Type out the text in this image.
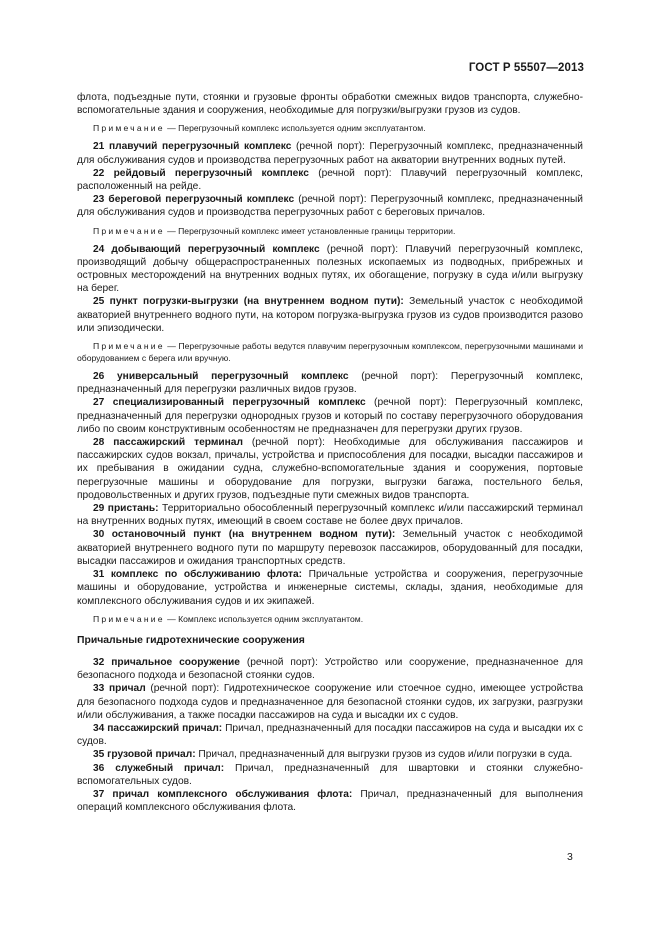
ГОСТ Р 55507—2013

флота, подъездные пути, стоянки и грузовые фронты обработки смежных видов транспорта, служебно-вспомогательные здания и сооружения, необходимые для погрузки/выгрузки грузов из судов.

Примечание — Перегрузочный комплекс используется одним эксплуатантом.

21 плавучий перегрузочный комплекс (речной порт): Перегрузочный комплекс, предназначенный для обслуживания судов и производства перегрузочных работ на акватории внутренних водных путей.

22 рейдовый перегрузочный комплекс (речной порт): Плавучий перегрузочный комплекс, расположенный на рейде.

23 береговой перегрузочный комплекс (речной порт): Перегрузочный комплекс, предназначенный для обслуживания судов и производства перегрузочных работ с береговых причалов.

Примечание — Перегрузочный комплекс имеет установленные границы территории.

24 добывающий перегрузочный комплекс (речной порт): Плавучий перегрузочный комплекс, производящий добычу общераспространенных полезных ископаемых из подводных, прибрежных и островных месторождений на внутренних водных путях, их обогащение, погрузку в суда и/или выгрузку на берег.

25 пункт погрузки-выгрузки (на внутреннем водном пути): Земельный участок с необходимой акваторией внутреннего водного пути, на котором погрузка-выгрузка грузов из судов производится разово или эпизодически.

Примечание — Перегрузочные работы ведутся плавучим перегрузочным комплексом, перегрузочными машинами и оборудованием с берега или вручную.

26 универсальный перегрузочный комплекс (речной порт): Перегрузочный комплекс, предназначенный для перегрузки различных видов грузов.

27 специализированный перегрузочный комплекс (речной порт): Перегрузочный комплекс, предназначенный для перегрузки однородных грузов и который по составу перегрузочного оборудования либо по своим конструктивным особенностям не предназначен для перегрузки других грузов.

28 пассажирский терминал (речной порт): Необходимые для обслуживания пассажиров и пассажирских судов вокзал, причалы, устройства и приспособления для посадки, высадки пассажиров и их пребывания в ожидании судна, служебно-вспомогательные здания и сооружения, портовые перегрузочные машины и оборудование для погрузки, выгрузки багажа, постельного белья, продовольственных и других грузов, подъездные пути смежных видов транспорта.

29 пристань: Территориально обособленный перегрузочный комплекс и/или пассажирский терминал на внутренних водных путях, имеющий в своем составе не более двух причалов.

30 остановочный пункт (на внутреннем водном пути): Земельный участок с необходимой акваторией внутреннего водного пути по маршруту перевозок пассажиров, оборудованный для посадки, высадки пассажиров и ожидания транспортных средств.

31 комплекс по обслуживанию флота: Причальные устройства и сооружения, перегрузочные машины и оборудование, устройства и инженерные системы, склады, здания, необходимые для комплексного обслуживания судов и их экипажей.

Примечание — Комплекс используется одним эксплуатантом.

Причальные гидротехнические сооружения

32 причальное сооружение (речной порт): Устройство или сооружение, предназначенное для безопасного подхода и безопасной стоянки судов.

33 причал (речной порт): Гидротехническое сооружение или стоечное судно, имеющее устройства для безопасного подхода судов и предназначенное для безопасной стоянки судов, их загрузки, разгрузки и/или обслуживания, а также посадки пассажиров на суда и высадки их с судов.

34 пассажирский причал: Причал, предназначенный для посадки пассажиров на суда и высадки их с судов.

35 грузовой причал: Причал, предназначенный для выгрузки грузов из судов и/или погрузки в суда.

36 служебный причал: Причал, предназначенный для швартовки и стоянки служебно-вспомогательных судов.

37 причал комплексного обслуживания флота: Причал, предназначенный для выполнения операций комплексного обслуживания флота.

3
